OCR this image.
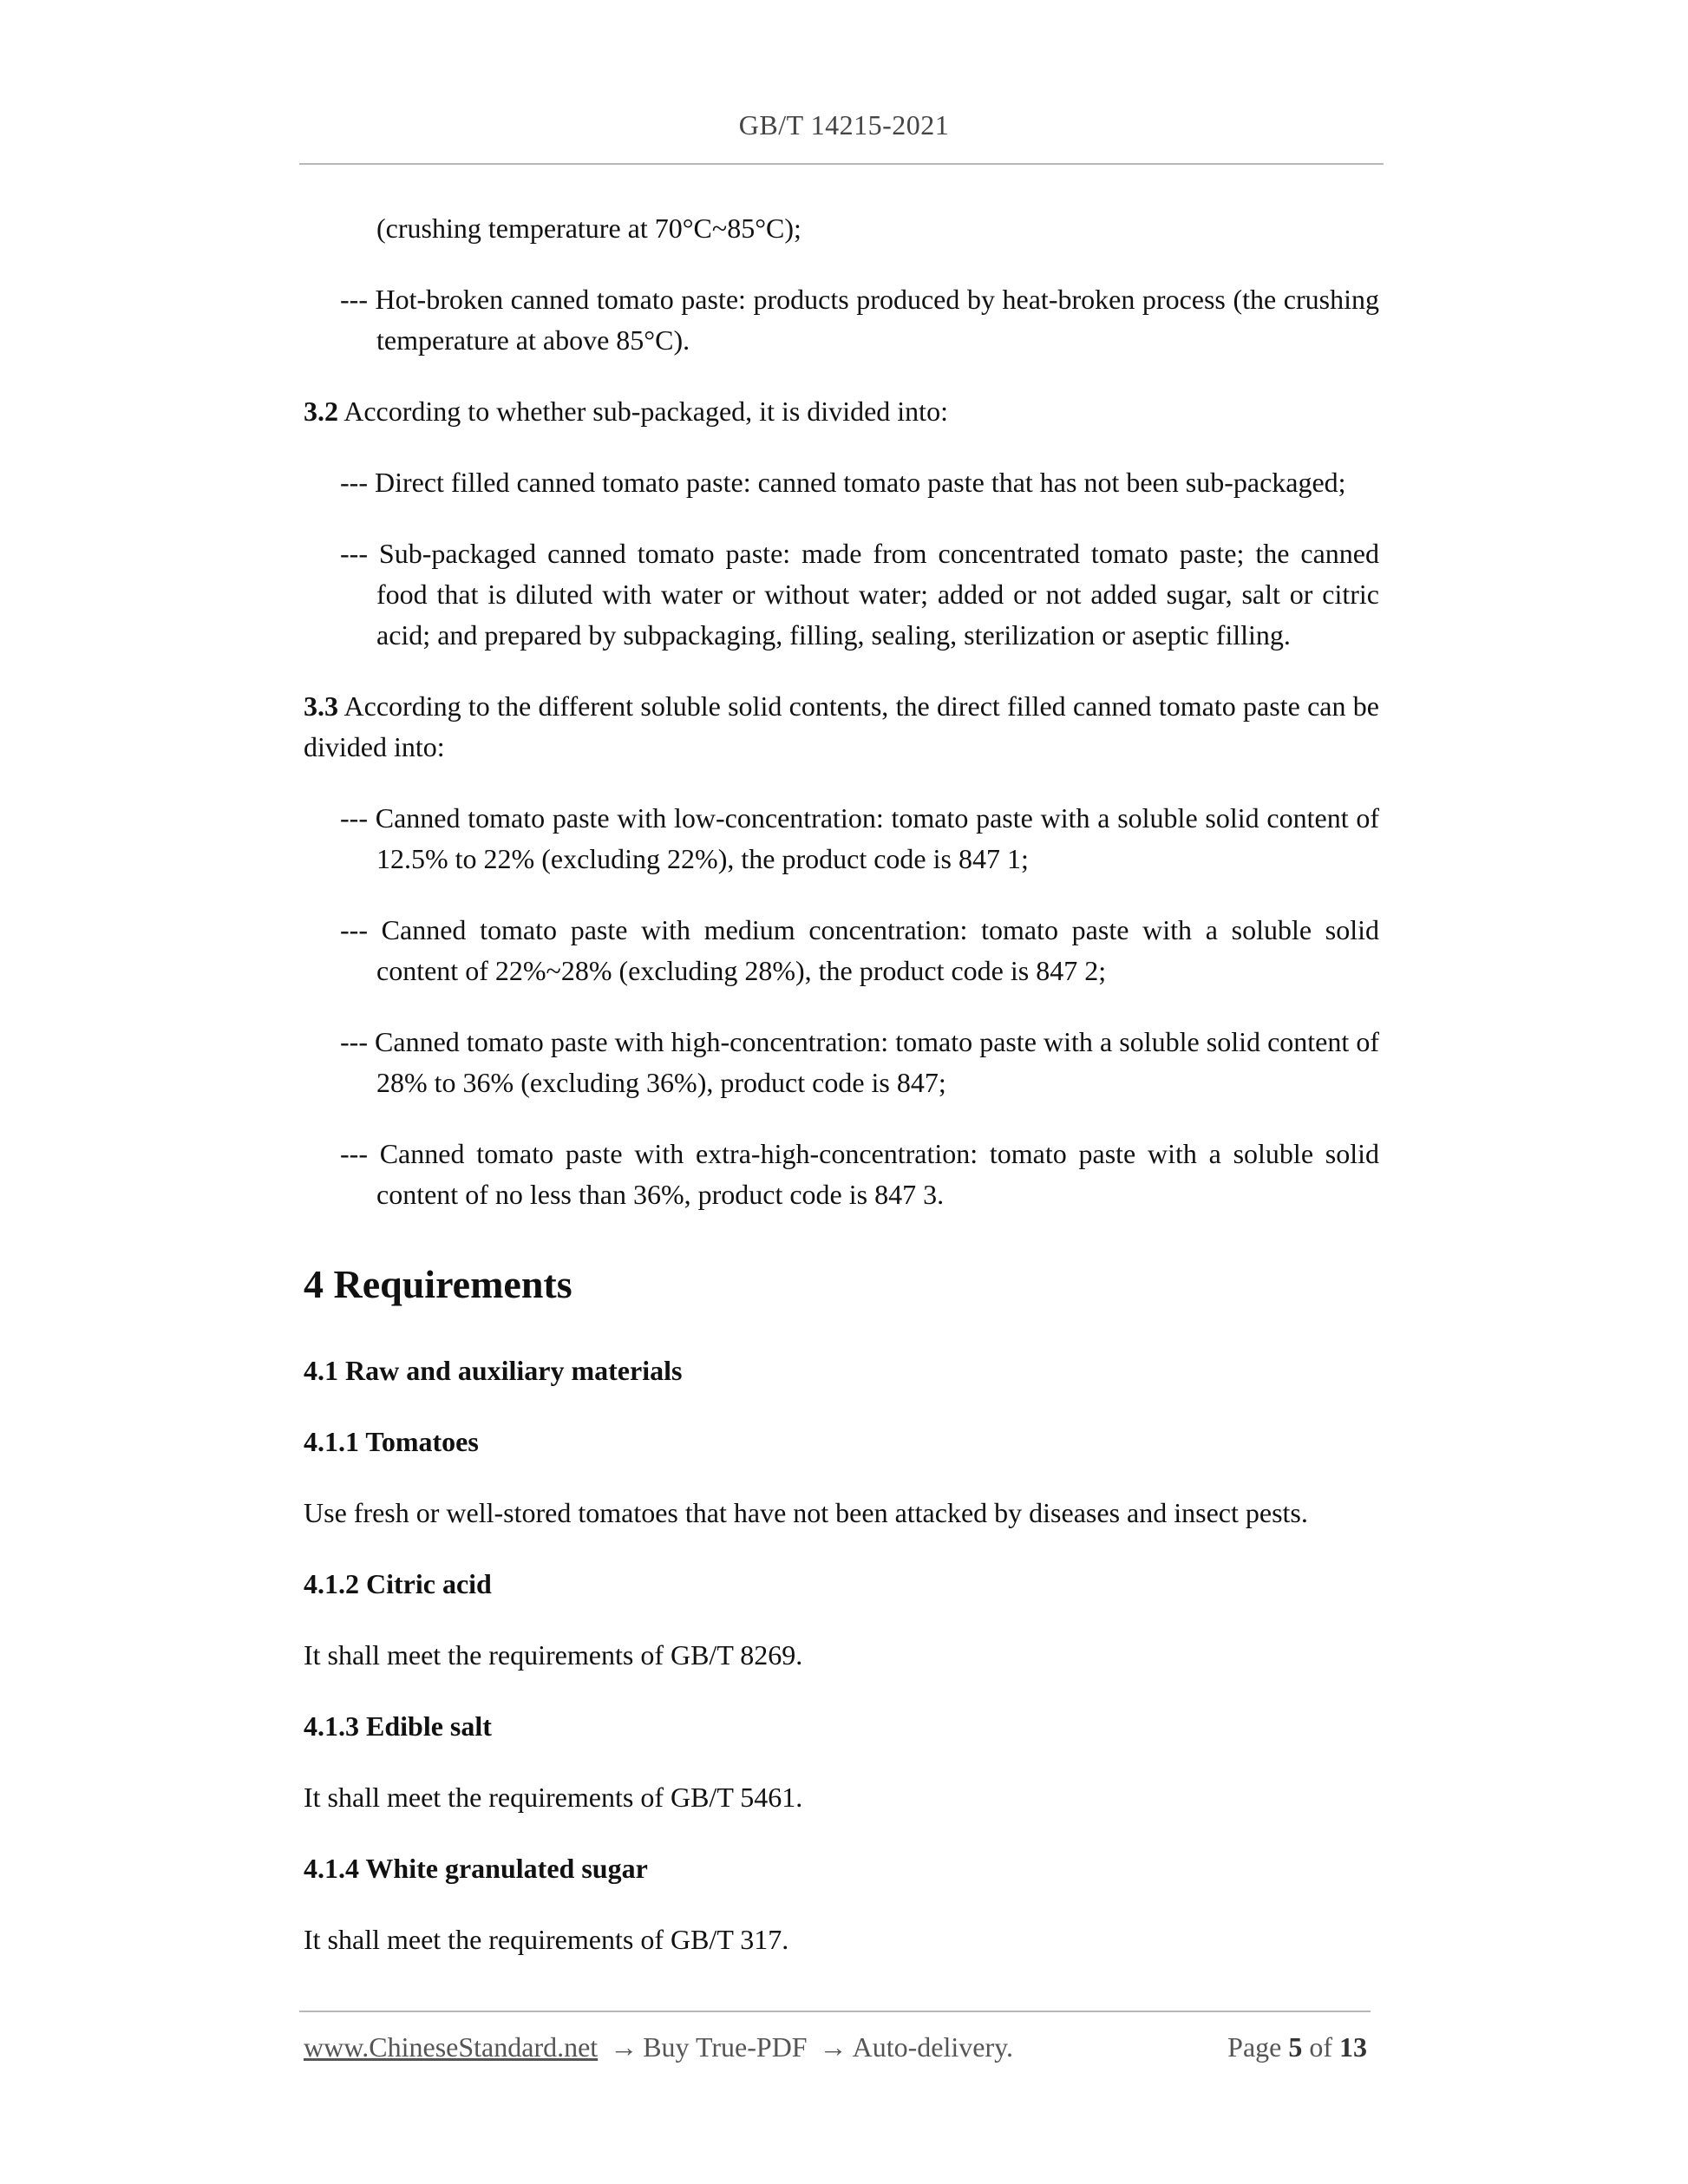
GB/T 14215-2021

(crushing temperature at 70°C~85°C);

--- Hot-broken canned tomato paste: products produced by heat-broken process (the crushing temperature at above 85°C).

3.2 According to whether sub-packaged, it is divided into:

--- Direct filled canned tomato paste: canned tomato paste that has not been sub-packaged;

--- Sub-packaged canned tomato paste: made from concentrated tomato paste; the canned food that is diluted with water or without water; added or not added sugar, salt or citric acid; and prepared by subpackaging, filling, sealing, sterilization or aseptic filling.

3.3 According to the different soluble solid contents, the direct filled canned tomato paste can be divided into:

--- Canned tomato paste with low-concentration: tomato paste with a soluble solid content of 12.5% to 22% (excluding 22%), the product code is 847 1;

--- Canned tomato paste with medium concentration: tomato paste with a soluble solid content of 22%~28% (excluding 28%), the product code is 847 2;

--- Canned tomato paste with high-concentration: tomato paste with a soluble solid content of 28% to 36% (excluding 36%), product code is 847;

--- Canned tomato paste with extra-high-concentration: tomato paste with a soluble solid content of no less than 36%, product code is 847 3.

4 Requirements

4.1 Raw and auxiliary materials

4.1.1 Tomatoes

Use fresh or well-stored tomatoes that have not been attacked by diseases and insect pests.

4.1.2 Citric acid

It shall meet the requirements of GB/T 8269.

4.1.3 Edible salt

It shall meet the requirements of GB/T 5461.

4.1.4 White granulated sugar

It shall meet the requirements of GB/T 317.

www.ChineseStandard.net → Buy True-PDF → Auto-delivery.	Page 5 of 13
